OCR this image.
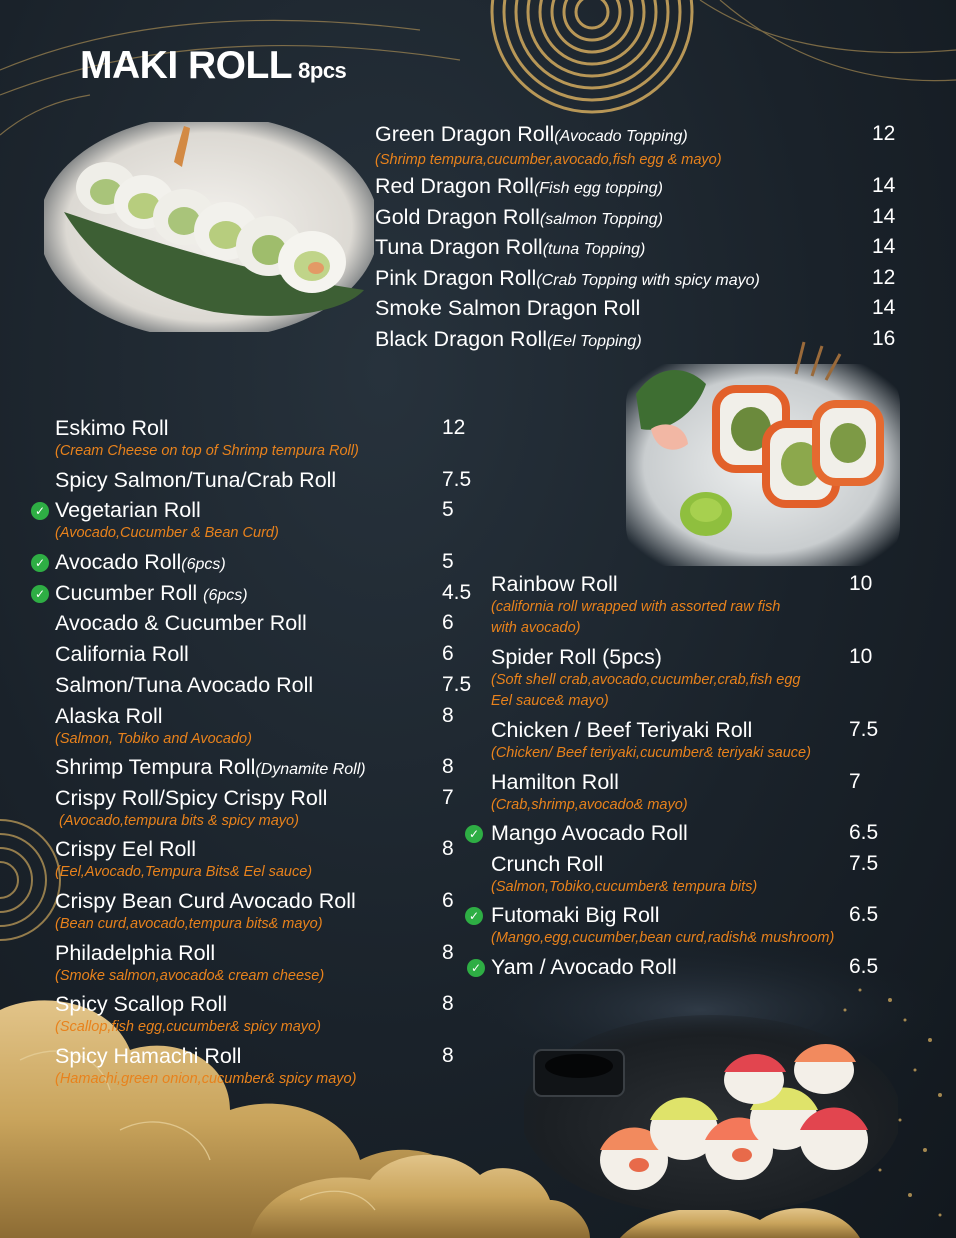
MAKI ROLL 8pcs
Green Dragon Roll(Avocado Topping)	12
(Shrimp tempura,cucumber,avocado,fish egg & mayo)
Red Dragon Roll(Fish egg topping)	14
Gold Dragon Roll(salmon Topping)	14
Tuna Dragon Roll(tuna Topping)	14
Pink Dragon Roll(Crab Topping with spicy mayo)	12
Smoke Salmon Dragon Roll	14
Black Dragon Roll(Eel Topping)	16
Eskimo Roll	12
(Cream Cheese on top of Shrimp tempura Roll)
Spicy Salmon/Tuna/Crab Roll	7.5
✓ Vegetarian Roll	5
(Avocado,Cucumber & Bean Curd)
✓ Avocado Roll(6pcs)	5
✓ Cucumber Roll (6pcs)	4.5
Avocado & Cucumber Roll	6
California Roll	6
Salmon/Tuna Avocado Roll	7.5
Alaska Roll	8
(Salmon, Tobiko and Avocado)
Shrimp Tempura Roll(Dynamite Roll)	8
Crispy Roll/Spicy Crispy Roll	7
(Avocado,tempura bits & spicy mayo)
Crispy Eel Roll	8
(Eel,Avocado,Tempura Bits& Eel sauce)
Crispy Bean Curd Avocado Roll	6
(Bean curd,avocado,tempura bits& mayo)
Philadelphia Roll	8
(Smoke salmon,avocado& cream cheese)
Spicy Scallop Roll	8
(Scallop,fish egg,cucumber& spicy mayo)
Spicy Hamachi Roll	8
(Hamachi,green onion,cucumber& spicy mayo)
Rainbow Roll	10
(california roll wrapped with assorted raw fish
with avocado)
Spider Roll (5pcs)	10
(Soft shell crab,avocado,cucumber,crab,fish egg
Eel sauce& mayo)
Chicken / Beef Teriyaki Roll	7.5
(Chicken/ Beef teriyaki,cucumber& teriyaki sauce)
Hamilton Roll	7
(Crab,shrimp,avocado& mayo)
✓ Mango Avocado Roll	6.5
Crunch Roll	7.5
(Salmon,Tobiko,cucumber& tempura bits)
✓ Futomaki Big Roll	6.5
(Mango,egg,cucumber,bean curd,radish& mushroom)
✓ Yam / Avocado Roll	6.5
